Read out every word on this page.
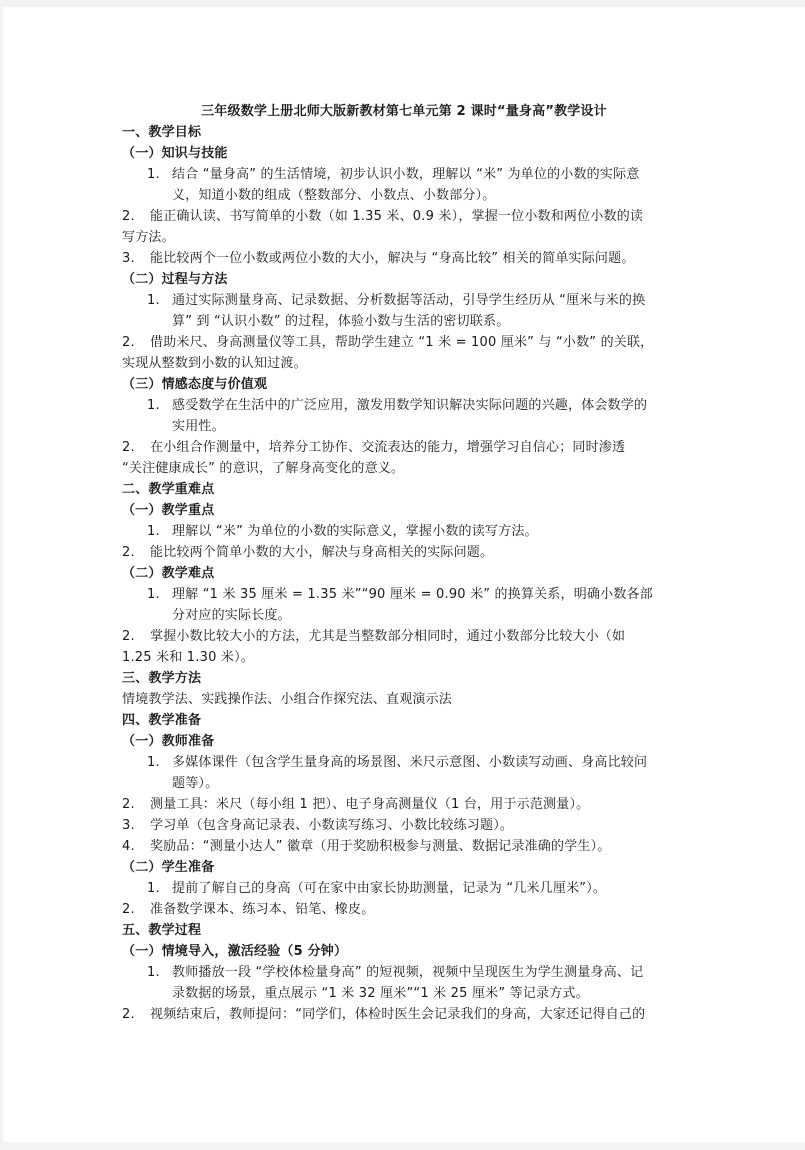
三年级数学上册北师大版新教材第七单元第 2 课时“量身高”教学设计
一、教学目标
（一）知识与技能
1. 结合 “量身高” 的生活情境，初步认识小数，理解以 “米” 为单位的小数的实际意
义，知道小数的组成（整数部分、小数点、小数部分）。
2. 能正确认读、书写简单的小数（如 1.35 米、0.9 米），掌握一位小数和两位小数的读
写方法。
3. 能比较两个一位小数或两位小数的大小，解决与 “身高比较” 相关的简单实际问题。
（二）过程与方法
1. 通过实际测量身高、记录数据、分析数据等活动，引导学生经历从 “厘米与米的换
算” 到 “认识小数” 的过程，体验小数与生活的密切联系。
2. 借助米尺、身高测量仪等工具，帮助学生建立 “1 米 = 100 厘米” 与 “小数” 的关联，
实现从整数到小数的认知过渡。
（三）情感态度与价值观
1. 感受数学在生活中的广泛应用，激发用数学知识解决实际问题的兴趣，体会数学的
实用性。
2. 在小组合作测量中，培养分工协作、交流表达的能力，增强学习自信心；同时渗透
“关注健康成长” 的意识，了解身高变化的意义。
二、教学重难点
（一）教学重点
1. 理解以 “米” 为单位的小数的实际意义，掌握小数的读写方法。
2. 能比较两个简单小数的大小，解决与身高相关的实际问题。
（二）教学难点
1. 理解 “1 米 35 厘米 = 1.35 米”“90 厘米 = 0.90 米” 的换算关系，明确小数各部
分对应的实际长度。
2. 掌握小数比较大小的方法，尤其是当整数部分相同时，通过小数部分比较大小（如
1.25 米和 1.30 米）。
三、教学方法
情境教学法、实践操作法、小组合作探究法、直观演示法
四、教学准备
（一）教师准备
1. 多媒体课件（包含学生量身高的场景图、米尺示意图、小数读写动画、身高比较问
题等）。
2. 测量工具：米尺（每小组 1 把）、电子身高测量仪（1 台，用于示范测量）。
3. 学习单（包含身高记录表、小数读写练习、小数比较练习题）。
4. 奖励品：“测量小达人” 徽章（用于奖励积极参与测量、数据记录准确的学生）。
（二）学生准备
1. 提前了解自己的身高（可在家中由家长协助测量，记录为 “几米几厘米”）。
2. 准备数学课本、练习本、铅笔、橡皮。
五、教学过程
（一）情境导入，激活经验（5 分钟）
1. 教师播放一段 “学校体检量身高” 的短视频，视频中呈现医生为学生测量身高、记
录数据的场景，重点展示 “1 米 32 厘米”“1 米 25 厘米” 等记录方式。
2. 视频结束后，教师提问：“同学们，体检时医生会记录我们的身高，大家还记得自己的
